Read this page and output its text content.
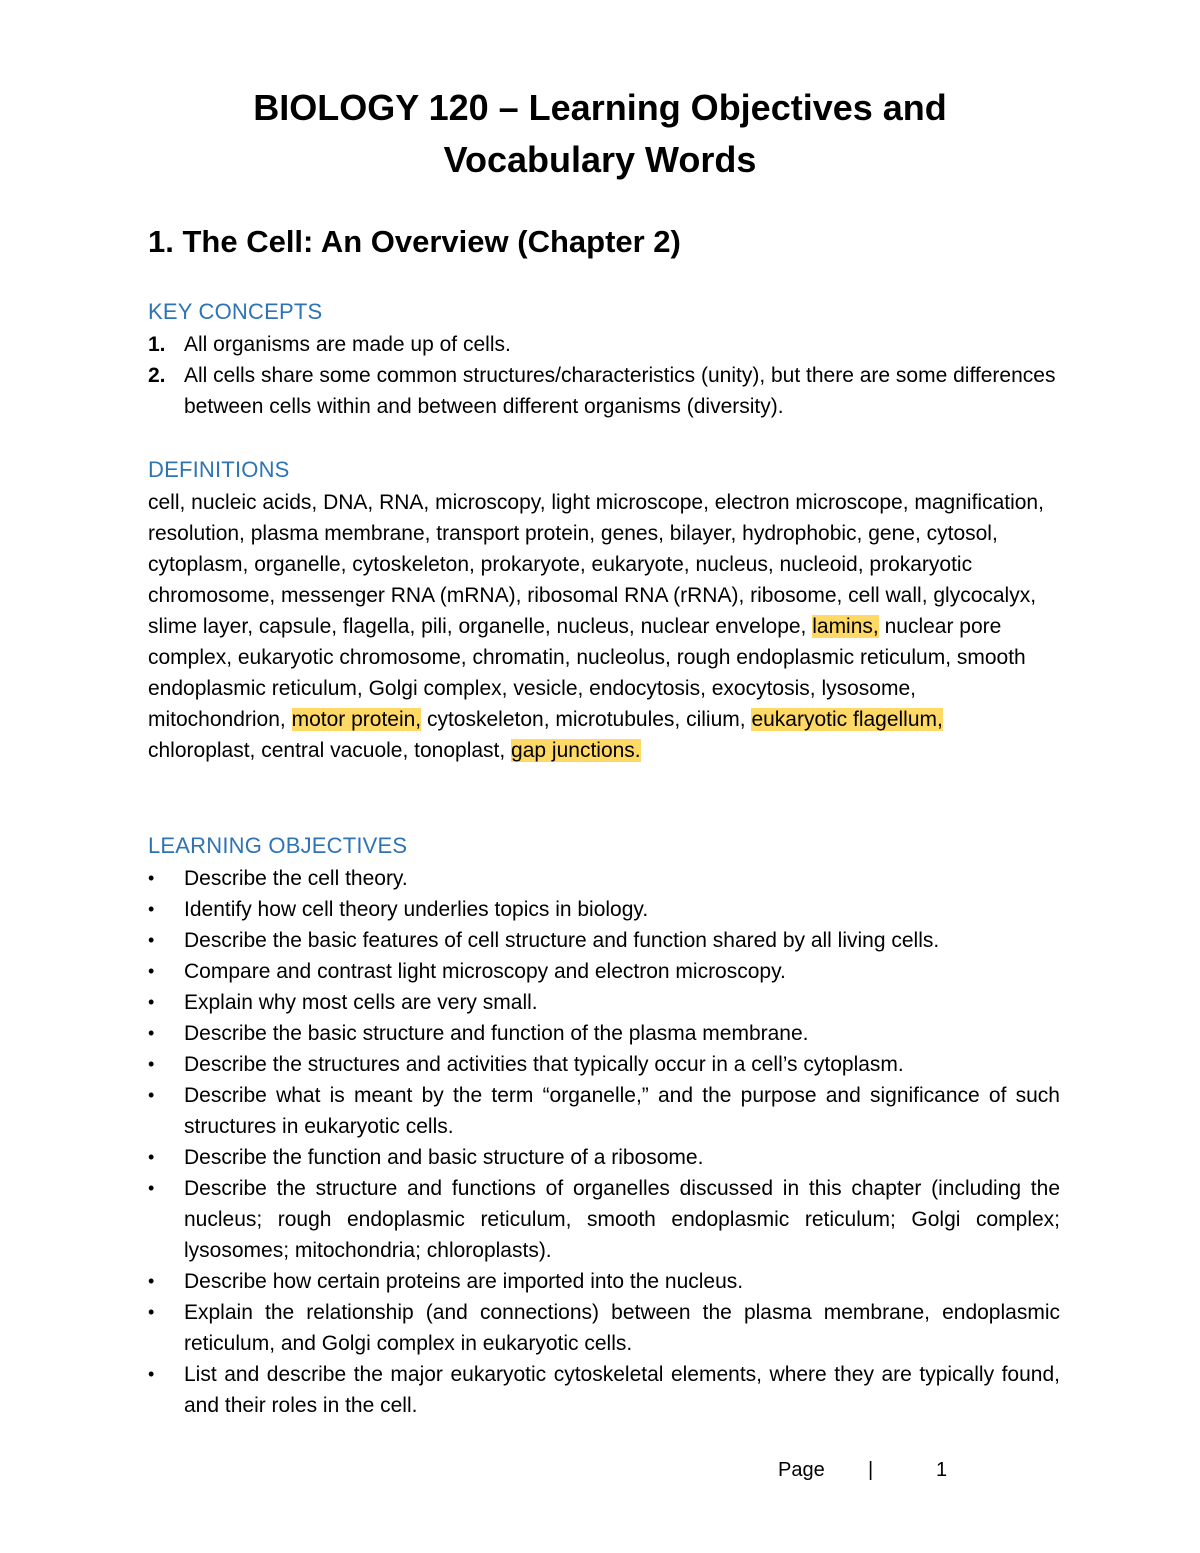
BIOLOGY 120 – Learning Objectives and
Vocabulary Words
1. The Cell: An Overview (Chapter 2)
KEY CONCEPTS
1. All organisms are made up of cells.
2. All cells share some common structures/characteristics (unity), but there are some differences between cells within and between different organisms (diversity).
DEFINITIONS

cell, nucleic acids, DNA, RNA, microscopy, light microscope, electron microscope, magnification, resolution, plasma membrane, transport protein, genes, bilayer, hydrophobic, gene, cytosol, cytoplasm, organelle, cytoskeleton, prokaryote, eukaryote, nucleus, nucleoid, prokaryotic chromosome, messenger RNA (mRNA), ribosomal RNA (rRNA), ribosome, cell wall, glycocalyx, slime layer, capsule, flagella, pili, organelle, nucleus, nuclear envelope, lamins, nuclear pore complex, eukaryotic chromosome, chromatin, nucleolus, rough endoplasmic reticulum, smooth endoplasmic reticulum, Golgi complex, vesicle, endocytosis, exocytosis, lysosome, mitochondrion, motor protein, cytoskeleton, microtubules, cilium, eukaryotic flagellum, chloroplast, central vacuole, tonoplast, gap junctions.

LEARNING OBJECTIVES
• Describe the cell theory.
• Identify how cell theory underlies topics in biology.
• Describe the basic features of cell structure and function shared by all living cells.
• Compare and contrast light microscopy and electron microscopy.
• Explain why most cells are very small.
• Describe the basic structure and function of the plasma membrane.
• Describe the structures and activities that typically occur in a cell’s cytoplasm.
• Describe what is meant by the term “organelle,” and the purpose and significance of such structures in eukaryotic cells.
• Describe the function and basic structure of a ribosome.
• Describe the structure and functions of organelles discussed in this chapter (including the nucleus; rough endoplasmic reticulum, smooth endoplasmic reticulum; Golgi complex; lysosomes; mitochondria; chloroplasts).
• Describe how certain proteins are imported into the nucleus.
• Explain the relationship (and connections) between the plasma membrane, endoplasmic reticulum, and Golgi complex in eukaryotic cells.
• List and describe the major eukaryotic cytoskeletal elements, where they are typically found, and their roles in the cell.
Page |	1
